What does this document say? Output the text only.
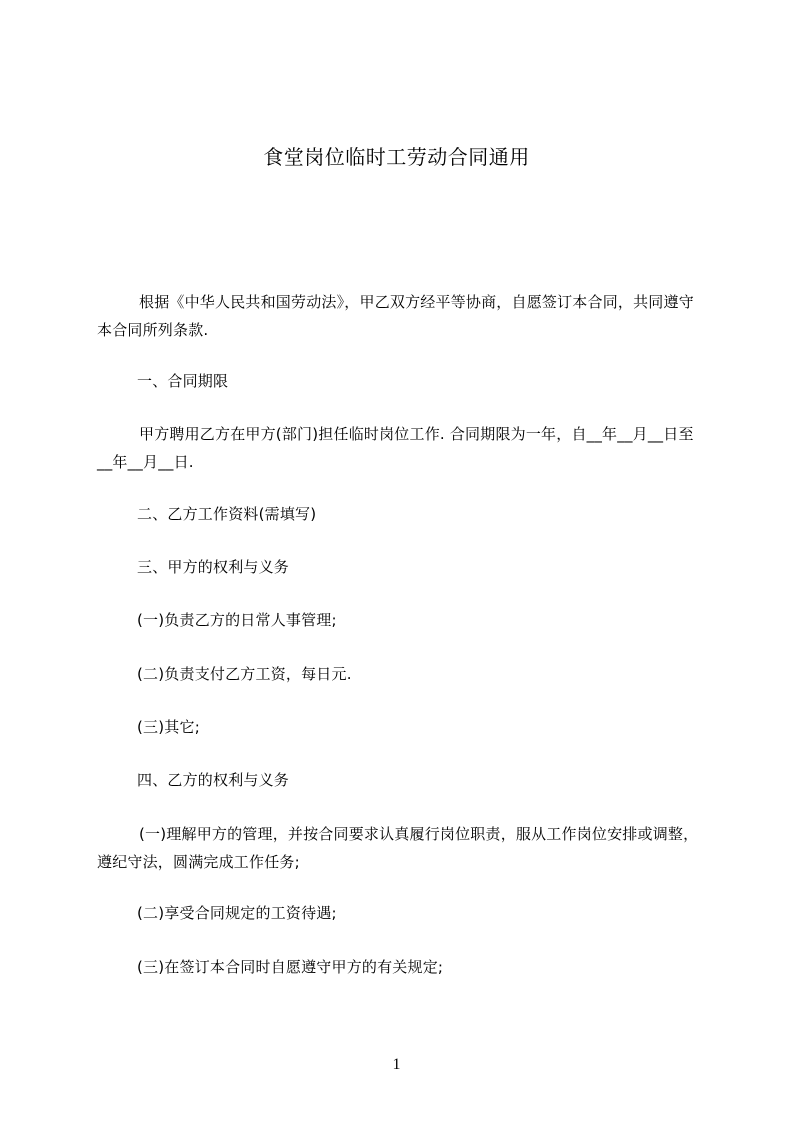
食堂岗位临时工劳动合同通用
根据《中华人民共和国劳动法》，甲乙双方经平等协商，自愿签订本合同，共同遵守本合同所列条款.
一、合同期限
甲方聘用乙方在甲方(部门)担任临时岗位工作. 合同期限为一年，自__年__月__日至__年__月__日.
二、乙方工作资料(需填写)
三、甲方的权利与义务
(一)负责乙方的日常人事管理;
(二)负责支付乙方工资，每日元.
(三)其它;
四、乙方的权利与义务
(一)理解甲方的管理，并按合同要求认真履行岗位职责，服从工作岗位安排或调整，遵纪守法，圆满完成工作任务;
(二)享受合同规定的工资待遇;
(三)在签订本合同时自愿遵守甲方的有关规定;
1
